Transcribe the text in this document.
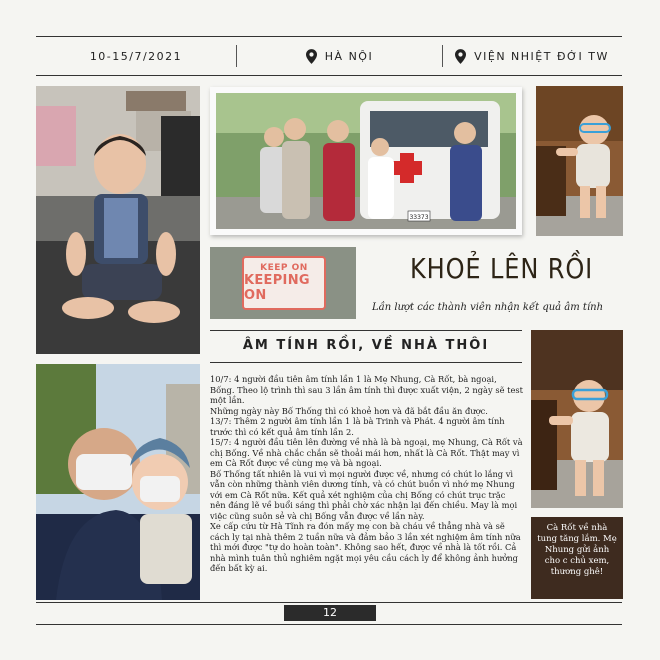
10-15/7/2021	HÀ NỘI	VIỆN NHIỆT ĐỚI TW
33373
KEEP ON
KEEPING ON
KHOẺ LÊN RỒI
Lần lượt các thành viên nhận kết quả âm tính
ÂM TÍNH RỒI, VỀ NHÀ THÔI

10/7: 4 người đầu tiên âm tính lần 1 là Mẹ Nhung, Cà Rốt, bà ngoại, Bống. Theo lộ trình thì sau 3 lần âm tính thì được xuất viện, 2 ngày sẽ test một lần.

Những ngày này Bố Thống thì có khoẻ hơn và đã bắt đầu ăn được.

13/7: Thêm 2 người âm tính lần 1 là bà Trinh và Phát. 4 người âm tính trước thì có kết quả âm tính lần 2.

15/7: 4 người đầu tiên lên đường về nhà là bà ngoại, mẹ Nhung, Cà Rốt và chị Bống. Về nhà chắc chắn sẽ thoải mái hơn, nhất là Cà Rốt. Thật may vì em Cà Rốt được về cùng mẹ và bà ngoại.

Bố Thống tất nhiên là vui vì mọi người được về, nhưng có chút lo lắng vì vẫn còn những thành viên dương tính, và có chút buồn vì nhớ mẹ Nhung với em Cà Rốt nữa. Kết quả xét nghiệm của chị Bống có chút trục trặc nên đáng lẽ về buổi sáng thì phải chờ xác nhận lại đến chiều. May là mọi việc cũng suôn sẻ và chị Bống vẫn được về lần này.

Xe cấp cứu từ Hà Tĩnh ra đón mấy mẹ con bà cháu về thẳng nhà và sẽ cách ly tại nhà thêm 2 tuần nữa và đảm bảo 3 lần xét nghiệm âm tính nữa thì mới được "tự do hoàn toàn". Không sao hết, được về nhà là tốt rồi. Cả nhà mình tuân thủ nghiêm ngặt mọi yêu cầu cách ly để không ảnh hưởng đến bất kỳ ai.

Cà Rốt về nhà tung tăng lắm. Mẹ Nhung gửi ảnh cho c chủ xem, thương ghê!
12
